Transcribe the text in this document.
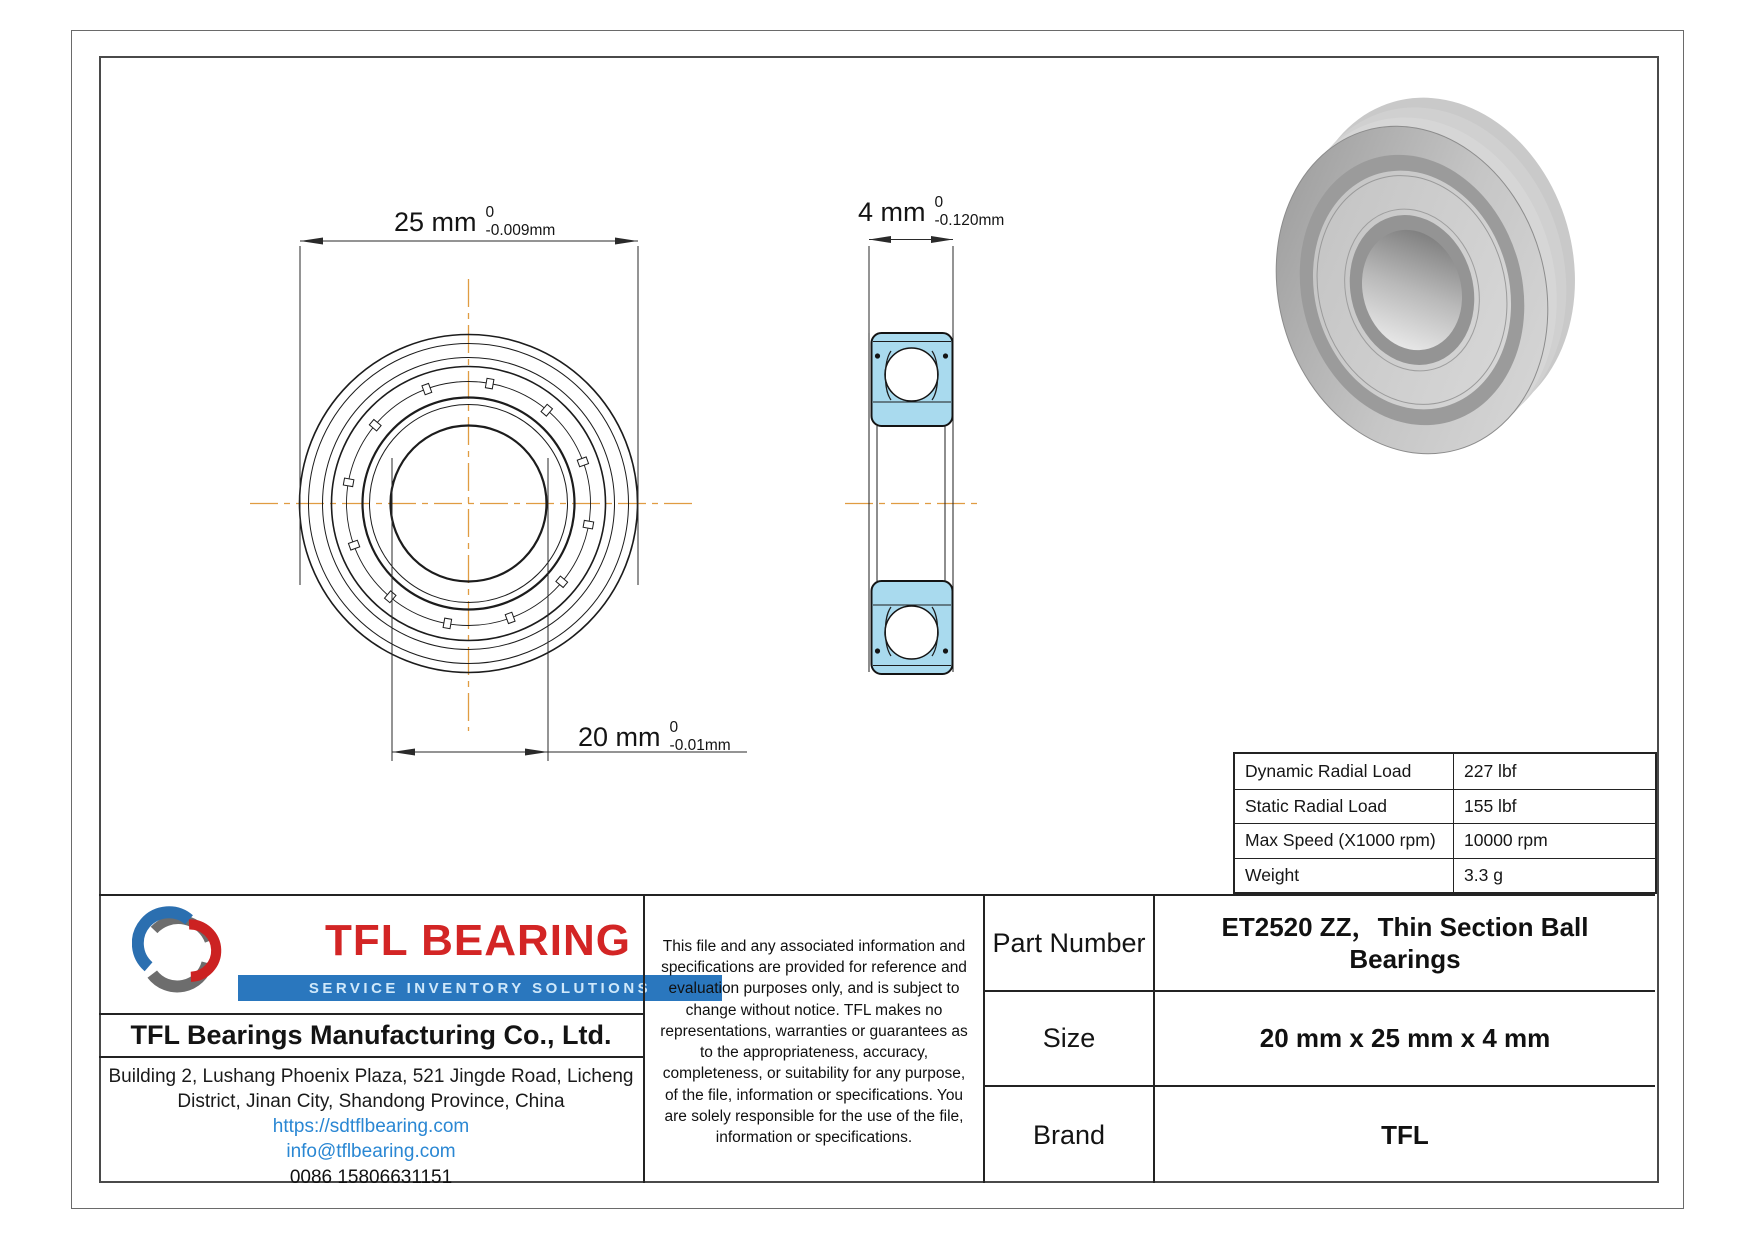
25 mm 0
-0.009mm
4 mm 0
-0.120mm
20 mm 0
-0.01mm
Dynamic Radial Load	227 lbf
Static Radial Load	155 lbf
Max Speed (X1000 rpm)	10000 rpm
Weight	3.3 g
TFL BEARING
SERVICE INVENTORY SOLUTIONS
TFL Bearings Manufacturing Co., Ltd.
Building 2, Lushang Phoenix Plaza, 521 Jingde Road, Licheng District, Jinan City, Shandong Province, China
https://sdtflbearing.com
info@tflbearing.com
0086 15806631151
This file and any associated information and specifications are provided for reference and evaluation purposes only, and is subject to change without notice. TFL makes no representations, warranties or guarantees as to the appropriateness, accuracy, completeness, or suitability for any purpose, of the file, information or specifications. You are solely responsible for the use of the file, information or specifications.
Part Number
ET2520 ZZ，Thin Section Ball Bearings
Size	20 mm x 25 mm x 4 mm
Brand	TFL
